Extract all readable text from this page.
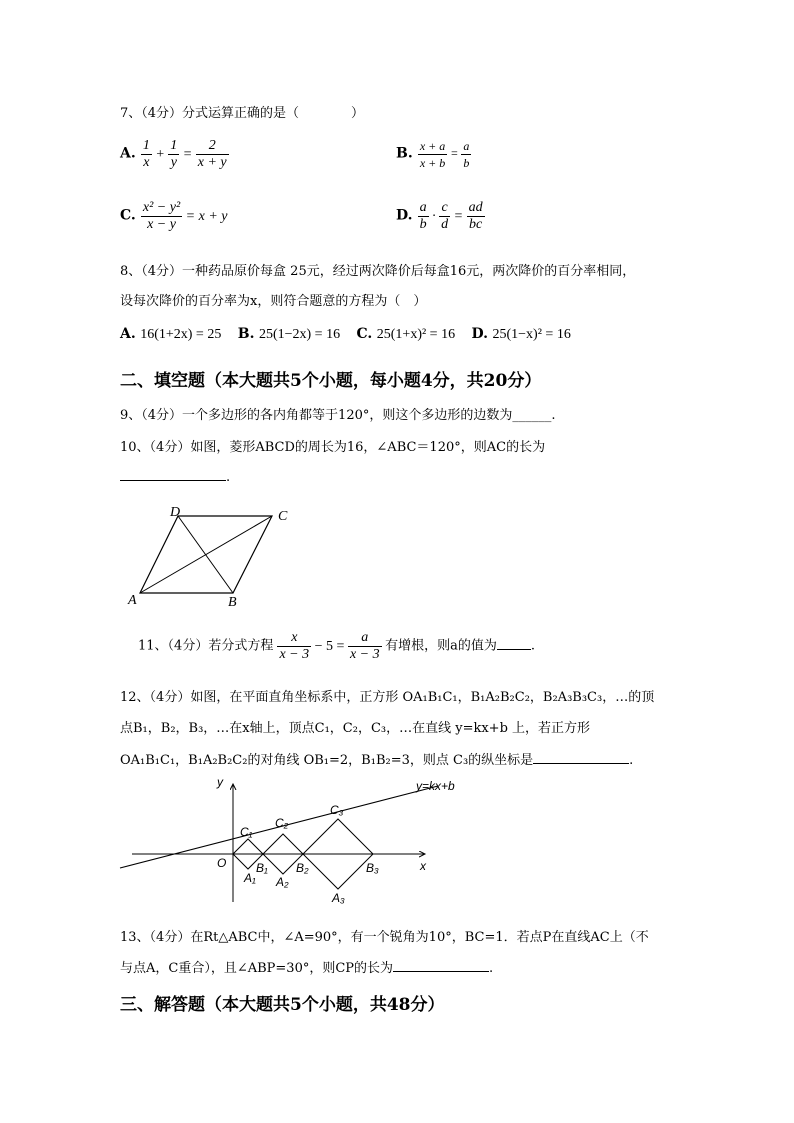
7、（4分）分式运算正确的是（　　　　）
A. $\frac{1}{x} + \frac{1}{y} = \frac{2}{x + y}$	B. $\frac{x + a}{x + b} = \frac{a}{b}$
C. $\frac{\text{x² − y²}}{x - y} = x + y$	D. $\frac{a}{b} \cdot \frac{c}{d} = \frac{ad}{bc}$
8、（4分）一种药品原价每盒 25元，经过两次降价后每盒16元，两次降价的百分率相同，
设每次降价的百分率为x，则符合题意的方程为（　）
A. 16(1+2x) = 25 B. 25(1−2x) = 16 C. 25(1+x)² = 16 D. 25(1−x)² = 16
二、填空题（本大题共5个小题，每小题4分，共20分）
9、（4分）一个多边形的各内角都等于120°，则这个多边形的边数为______.
10、（4分）如图，菱形ABCD的周长为16，∠ABC＝120°，则AC的长为
.
A	B
C
D
11、（4分）若分式方程 $\frac{x}{x - 3} - 5 = \frac{a}{x - 3}$ 有增根，则a的值为	.
12、（4分）如图，在平面直角坐标系中，正方形 OA₁B₁C₁，B₁A₂B₂C₂，B₂A₃B₃C₃，…的顶
点B₁，B₂，B₃，…在x轴上，顶点C₁，C₂，C₃，…在直线 y=kx+b 上，若正方形
OA₁B₁C₁，B₁A₂B₂C₂的对角线 OB₁=2，B₁B₂=3，则点 C₃的纵坐标是	.
y
x
O
y=kx+b
C₁
C₂
C₃
B₁ B₂	B₃
A₁ A₂
A₃
13、（4分）在Rt△ABC中，∠A=90°，有一个锐角为10°，BC=1．若点P在直线AC上（不
与点A，C重合），且∠ABP=30°，则CP的长为	.
三、解答题（本大题共5个小题，共48分）
